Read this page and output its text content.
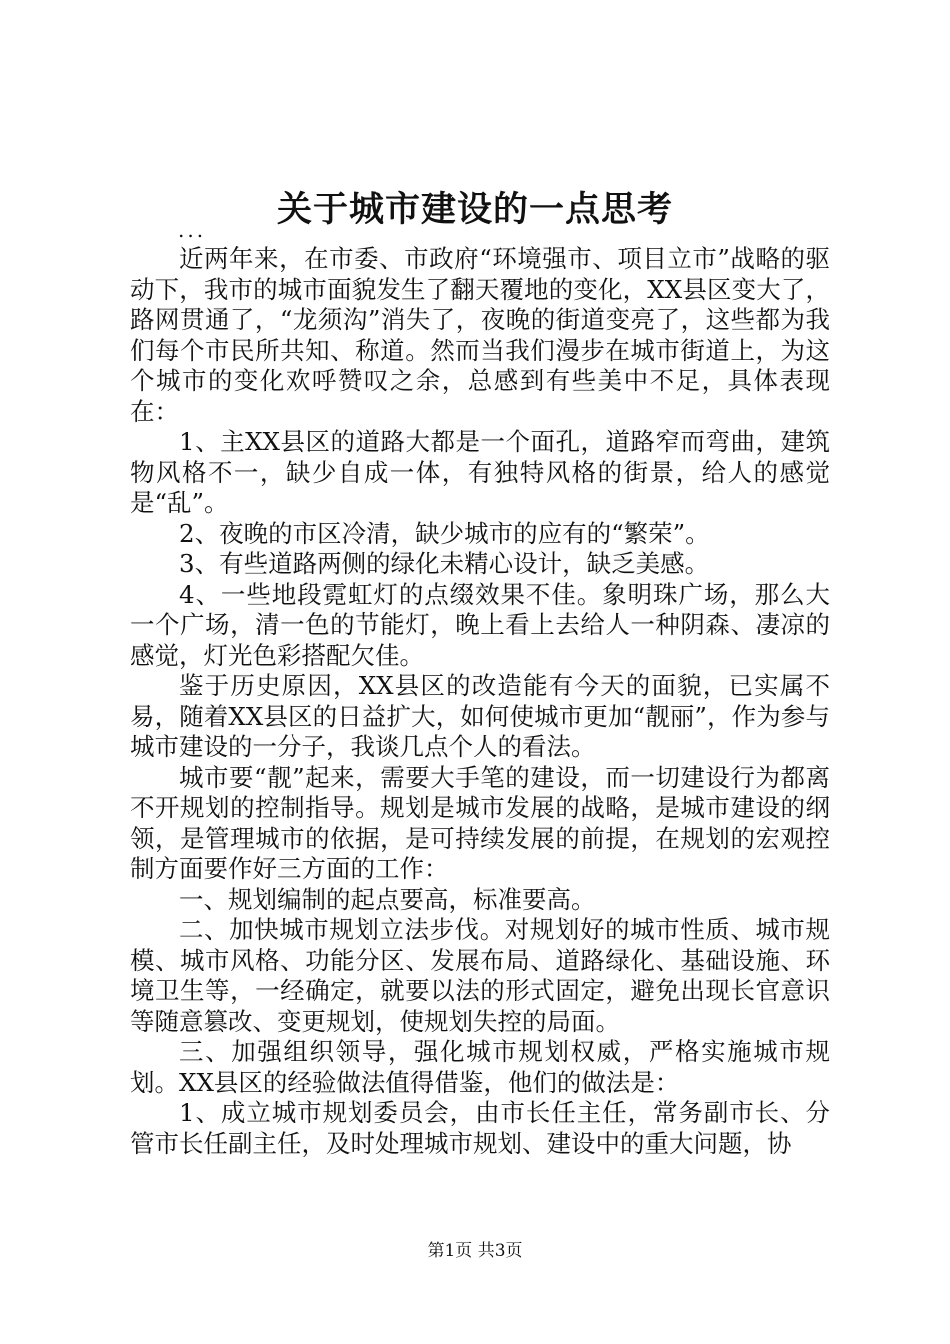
关于城市建设的一点思考
...

近两年来，在市委、市政府“环境强市、项目立市”战略的驱动下，我市的城市面貌发生了翻天覆地的变化，XX县区变大了，路网贯通了，“龙须沟”消失了，夜晚的街道变亮了，这些都为我们每个市民所共知、称道。然而当我们漫步在城市街道上，为这个城市的变化欢呼赞叹之余，总感到有些美中不足，具体表现在：

1、主XX县区的道路大都是一个面孔，道路窄而弯曲，建筑物风格不一，缺少自成一体，有独特风格的街景，给人的感觉是“乱”。

2、夜晚的市区冷清，缺少城市的应有的“繁荣”。

3、有些道路两侧的绿化未精心设计，缺乏美感。

4、一些地段霓虹灯的点缀效果不佳。象明珠广场，那么大一个广场，清一色的节能灯，晚上看上去给人一种阴森、凄凉的感觉，灯光色彩搭配欠佳。

鉴于历史原因，XX县区的改造能有今天的面貌，已实属不易，随着XX县区的日益扩大，如何使城市更加“靓丽”，作为参与城市建设的一分子，我谈几点个人的看法。

城市要“靓”起来，需要大手笔的建设，而一切建设行为都离不开规划的控制指导。规划是城市发展的战略，是城市建设的纲领，是管理城市的依据，是可持续发展的前提，在规划的宏观控制方面要作好三方面的工作：

一、规划编制的起点要高，标准要高。

二、加快城市规划立法步伐。对规划好的城市性质、城市规模、城市风格、功能分区、发展布局、道路绿化、基础设施、环境卫生等，一经确定，就要以法的形式固定，避免出现长官意识等随意篡改、变更规划，使规划失控的局面。

三、加强组织领导，强化城市规划权威，严格实施城市规划。XX县区的经验做法值得借鉴，他们的做法是：

1、成立城市规划委员会，由市长任主任，常务副市长、分管市长任副主任，及时处理城市规划、建设中的重大问题，协

第1页 共3页
